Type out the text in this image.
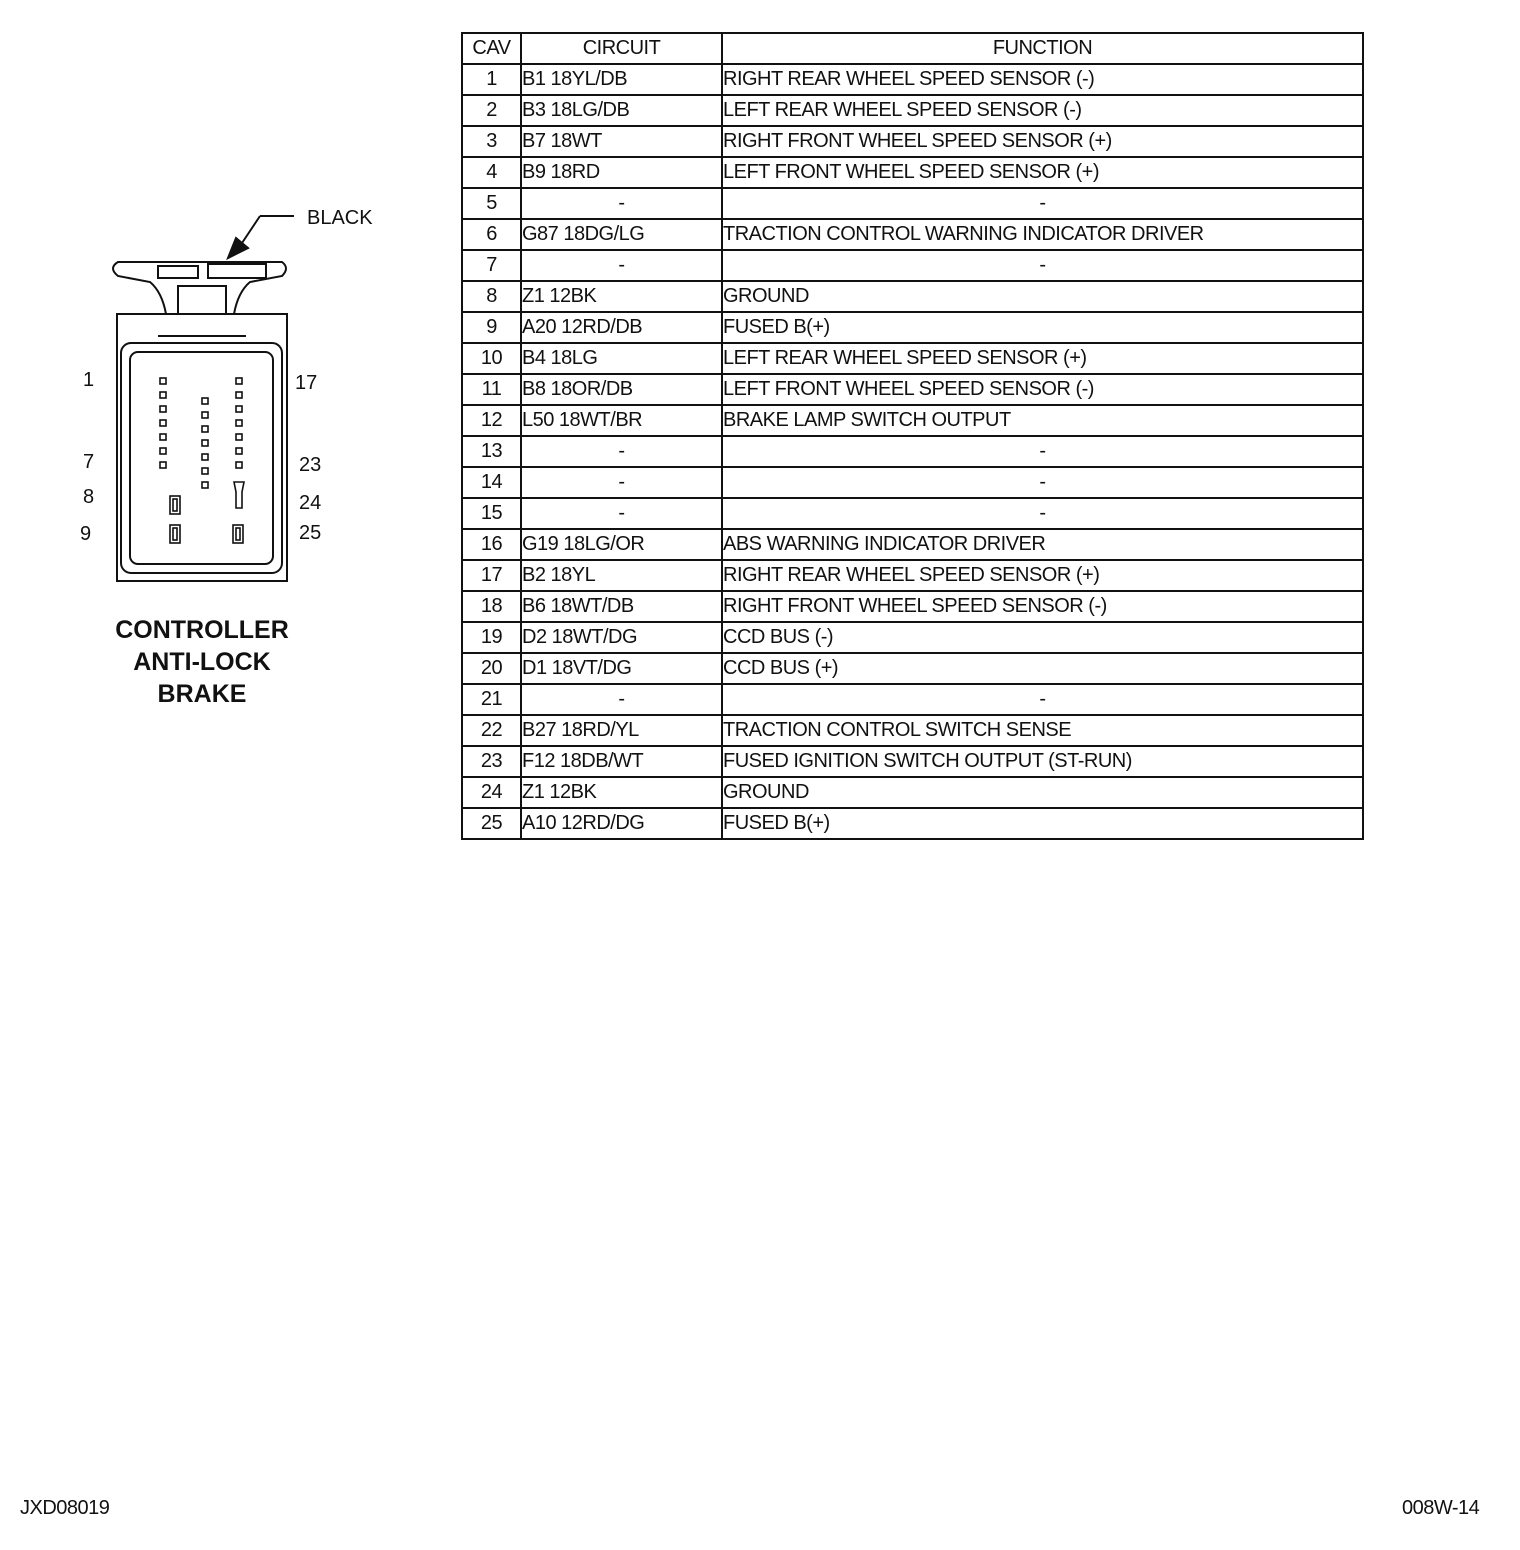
BLACK
1
7
8
9
17
23
24
25
CONTROLLER
ANTI-LOCK
BRAKE
CAV	CIRCUIT	FUNCTION
1	B1 18YL/DB	RIGHT REAR WHEEL SPEED SENSOR (-)
2	B3 18LG/DB	LEFT REAR WHEEL SPEED SENSOR (-)
3	B7 18WT	RIGHT FRONT WHEEL SPEED SENSOR (+)
4	B9 18RD	LEFT FRONT WHEEL SPEED SENSOR (+)
5	-	-
6	G87 18DG/LG	TRACTION CONTROL WARNING INDICATOR DRIVER
7	-	-
8	Z1 12BK	GROUND
9	A20 12RD/DB	FUSED B(+)
10	B4 18LG	LEFT REAR WHEEL SPEED SENSOR (+)
11	B8 18OR/DB	LEFT FRONT WHEEL SPEED SENSOR (-)
12	L50 18WT/BR	BRAKE LAMP SWITCH OUTPUT
13	-	-
14	-	-
15	-	-
16	G19 18LG/OR	ABS WARNING INDICATOR DRIVER
17	B2 18YL	RIGHT REAR WHEEL SPEED SENSOR (+)
18	B6 18WT/DB	RIGHT FRONT WHEEL SPEED SENSOR (-)
19	D2 18WT/DG	CCD BUS (-)
20	D1 18VT/DG	CCD BUS (+)
21	-	-
22	B27 18RD/YL	TRACTION CONTROL SWITCH SENSE
23	F12 18DB/WT	FUSED IGNITION SWITCH OUTPUT (ST-RUN)
24	Z1 12BK	GROUND
25	A10 12RD/DG	FUSED B(+)
JXD08019	008W-14
